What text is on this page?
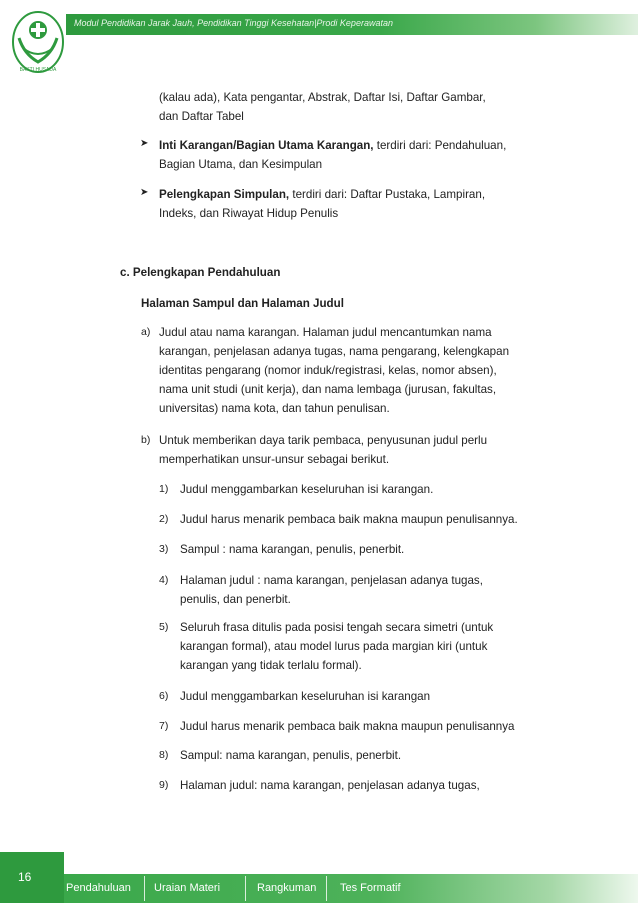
Modul Pendidikan Jarak Jauh, Pendidikan Tinggi Kesehatan|Prodi Keperawatan
BAKTI HUSADA
(kalau ada), Kata pengantar, Abstrak, Daftar Isi, Daftar Gambar,
dan Daftar Tabel
➤ Inti Karangan/Bagian Utama Karangan, terdiri dari: Pendahuluan,
Bagian Utama, dan Kesimpulan
➤ Pelengkapan Simpulan, terdiri dari: Daftar Pustaka, Lampiran,
Indeks, dan Riwayat Hidup Penulis
c. Pelengkapan Pendahuluan
Halaman Sampul dan Halaman Judul
a)
b)
Judul atau nama karangan. Halaman judul mencantumkan nama
karangan, penjelasan adanya tugas, nama pengarang, kelengkapan
identitas pengarang (nomor induk/registrasi, kelas, nomor absen),
nama unit studi (unit kerja), dan nama lembaga (jurusan, fakultas,
universitas) nama kota, dan tahun penulisan.
Untuk memberikan daya tarik pembaca, penyusunan judul perlu
memperhatikan unsur-unsur sebagai berikut.
1) Judul menggambarkan keseluruhan isi karangan.
2) Judul harus menarik pembaca baik makna maupun penulisannya.
3) Sampul : nama karangan, penulis, penerbit.
4) Halaman judul : nama karangan, penjelasan adanya tugas,
penulis, dan penerbit.
5) Seluruh frasa ditulis pada posisi tengah secara simetri (untuk
karangan formal), atau model lurus pada margian kiri (untuk
karangan yang tidak terlalu formal).
6) Judul menggambarkan keseluruhan isi karangan
7) Judul harus menarik pembaca baik makna maupun penulisannya
8) Sampul: nama karangan, penulis, penerbit.
9) Halaman judul: nama karangan, penjelasan adanya tugas,
16
Pendahuluan Uraian Materi	Rangkuman Tes Formatif
